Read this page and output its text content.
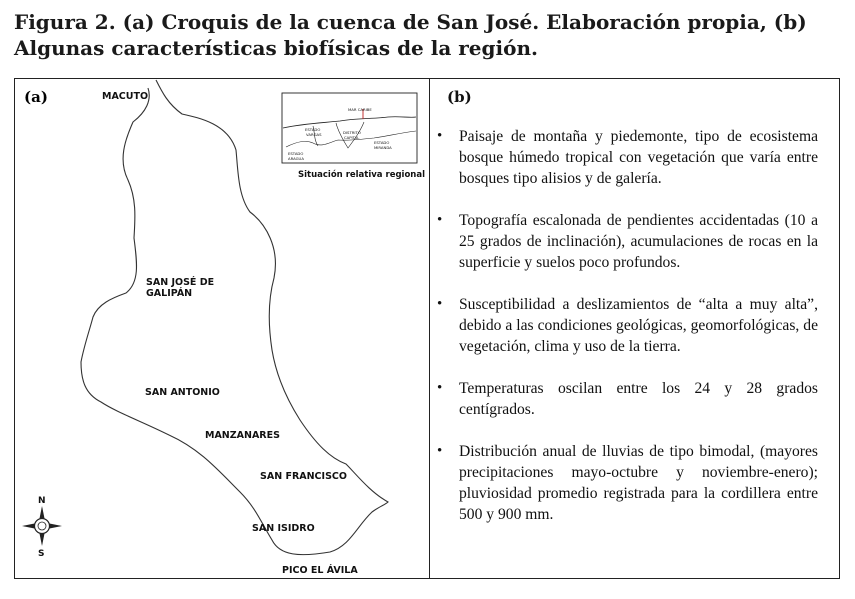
Figura 2. (a) Croquis de la cuenca de San José. Elaboración propia, (b) Algunas características biofísicas de la región.
(a)	MACUTO
SAN JOSÉ DE
GALIPÁN
SAN ANTONIO
MANZANARES
SAN FRANCISCO
SAN ISIDRO
PICO EL ÁVILA
MAR CARIBE
ESTADO
VARGAS	DISTRITO
CAPITAL
ESTADO
MIRANDA
ESTADO
ARAGUA
Situación relativa regional
N
S
(b)
• Paisaje de montaña y piedemonte, tipo de ecosistema bosque húmedo tropical con vegetación que varía entre bosques tipo alisios y de galería.
• Topografía escalonada de pendientes accidentadas (10 a 25 grados de inclinación), acumulaciones de rocas en la superficie y suelos poco profundos.
• Susceptibilidad a deslizamientos de “alta a muy alta”, debido a las condiciones geológicas, geomorfológicas, de vegetación, clima y uso de la tierra.
• Temperaturas oscilan entre los 24 y 28 grados centígrados.
• Distribución anual de lluvias de tipo bimodal, (mayores precipitaciones mayo-octubre y noviembre-enero); pluviosidad promedio registrada para la cordillera entre 500 y 900 mm.
